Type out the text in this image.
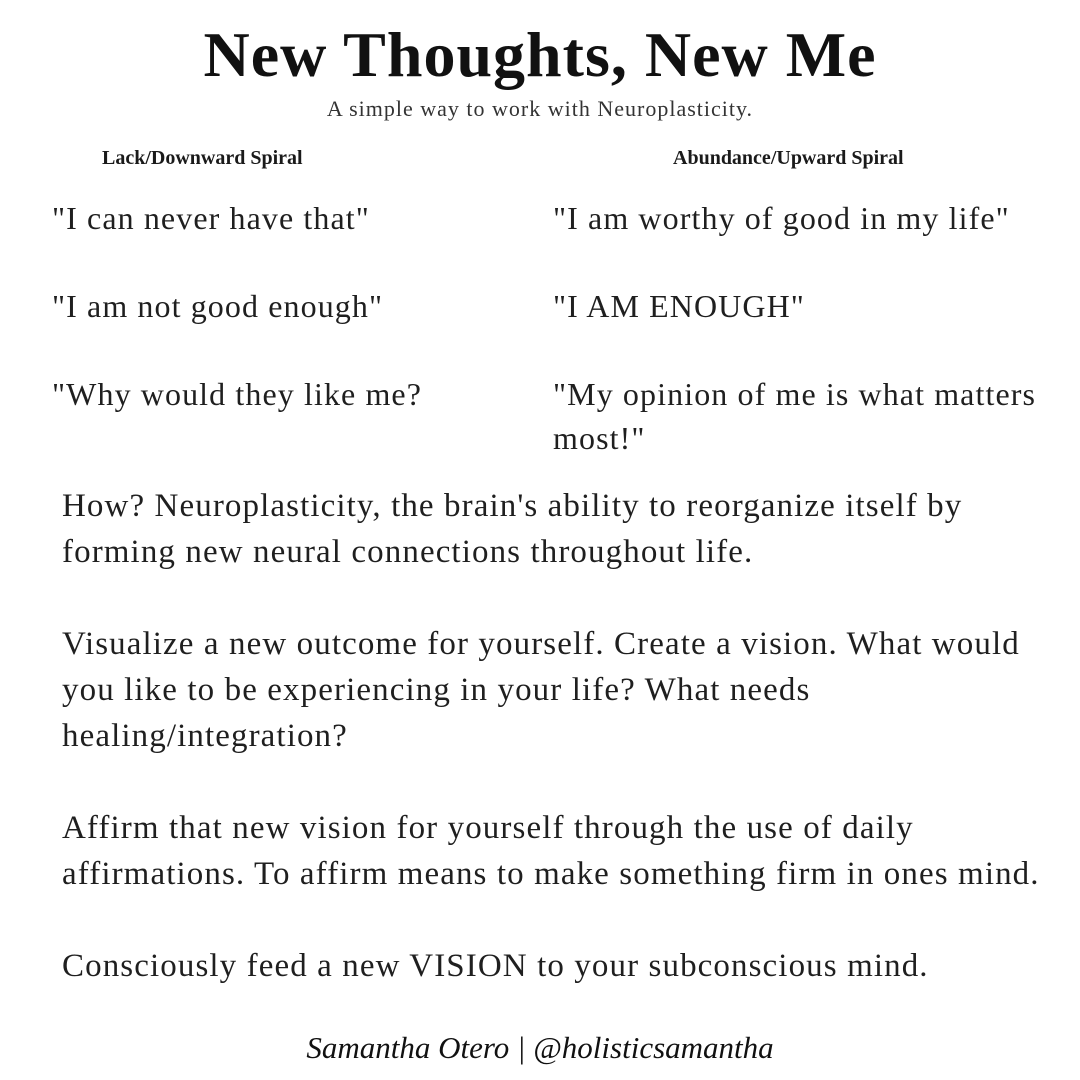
New Thoughts, New Me
A simple way to work with Neuroplasticity.
Lack/Downward Spiral	Abundance/Upward Spiral
"I can never have that"	"I am worthy of good in my life"
"I am not good enough"	"I AM ENOUGH"
"Why would they like me?	"My opinion of me is what matters most!"

How? Neuroplasticity, the brain's ability to reorganize itself by forming new neural connections throughout life.

Visualize a new outcome for yourself. Create a vision. What would you like to be experiencing in your life? What needs healing/integration?

Affirm that new vision for yourself through the use of daily affirmations. To affirm means to make something firm in ones mind.

Consciously feed a new VISION to your subconscious mind.

Samantha Otero | @holisticsamantha
